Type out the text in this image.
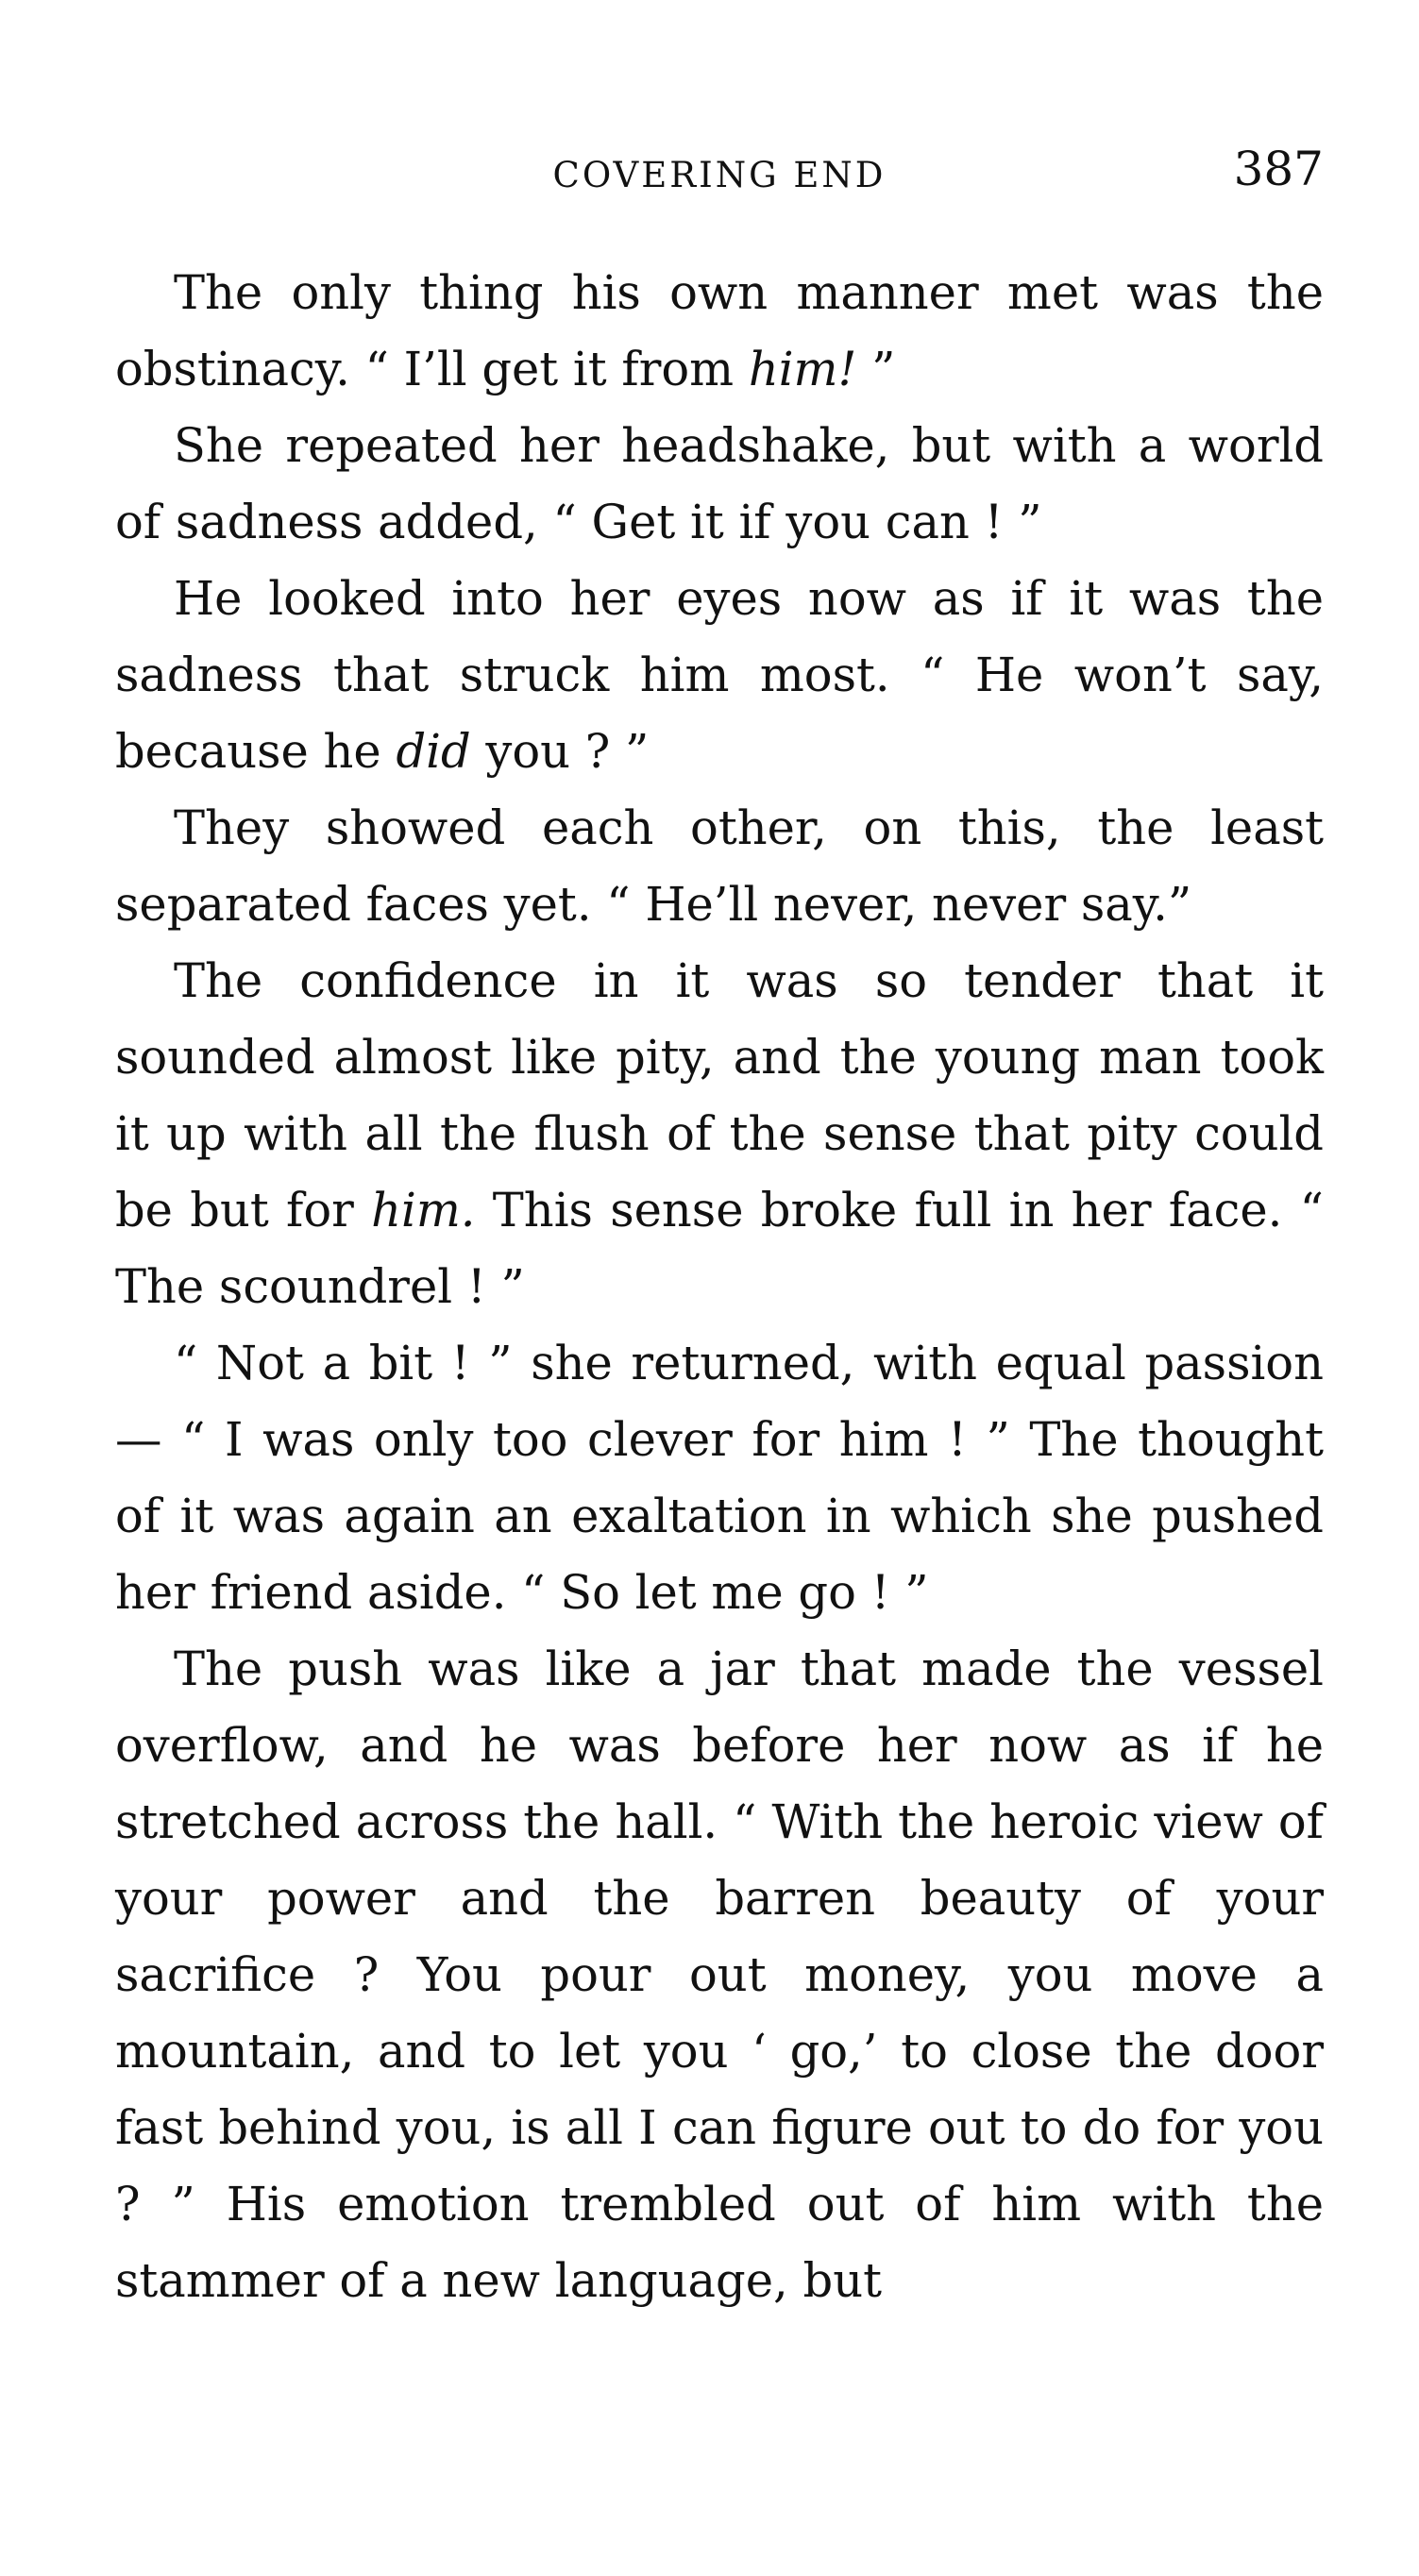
COVERING END	387

The only thing his own manner met was the obstinacy. “ I’ll get it from him! ”

She repeated her headshake, but with a world of sadness added, “ Get it if you can ! ”

He looked into her eyes now as if it was the sadness that struck him most. “ He won’t say, because he did you ? ”

They showed each other, on this, the least separated faces yet. “ He’ll never, never say.”

The confidence in it was so tender that it sounded almost like pity, and the young man took it up with all the flush of the sense that pity could be but for him. This sense broke full in her face. “ The scoundrel ! ”

“ Not a bit ! ” she returned, with equal passion — “ I was only too clever for him ! ” The thought of it was again an exaltation in which she pushed her friend aside. “ So let me go ! ”

The push was like a jar that made the vessel overflow, and he was before her now as if he stretched across the hall. “ With the heroic view of your power and the barren beauty of your sacrifice ? You pour out money, you move a mountain, and to let you ‘ go,’ to close the door fast behind you, is all I can figure out to do for you ? ” His emotion trembled out of him with the stammer of a new language, but
